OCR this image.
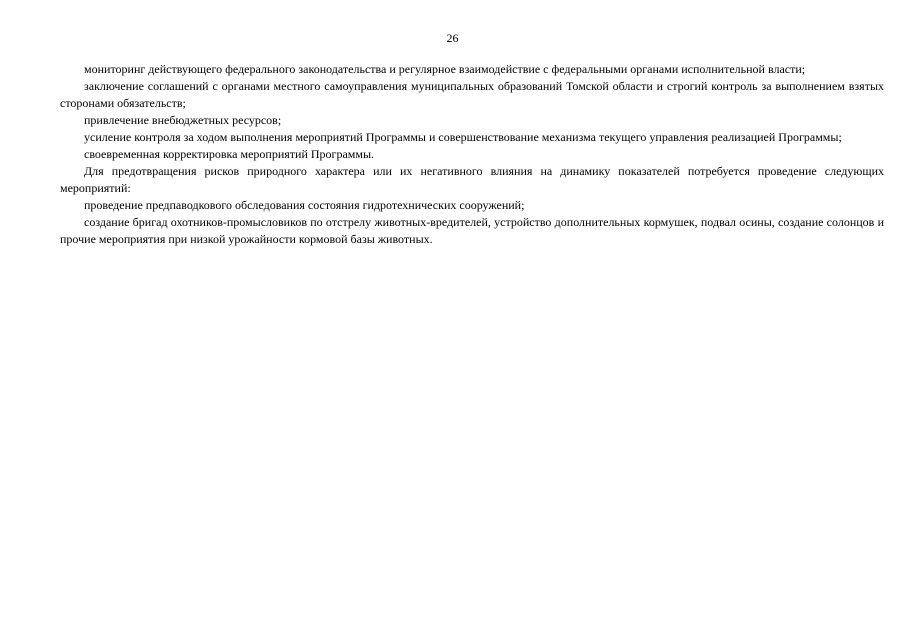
26

мониторинг действующего федерального законодательства и регулярное взаимодействие с федеральными органами исполнительной власти;

заключение соглашений с органами местного самоуправления муниципальных образований Томской области и строгий контроль за выполнением взятых сторонами обязательств;

привлечение внебюджетных ресурсов;

усиление контроля за ходом выполнения мероприятий Программы и совершенствование механизма текущего управления реализацией Программы;

своевременная корректировка мероприятий Программы.

Для предотвращения рисков природного характера или их негативного влияния на динамику показателей потребуется проведение следующих мероприятий:

проведение предпаводкового обследования состояния гидротехнических сооружений;

создание бригад охотников-промысловиков по отстрелу животных-вредителей, устройство дополнительных кормушек, подвал осины, создание солонцов и прочие мероприятия при низкой урожайности кормовой базы животных.
